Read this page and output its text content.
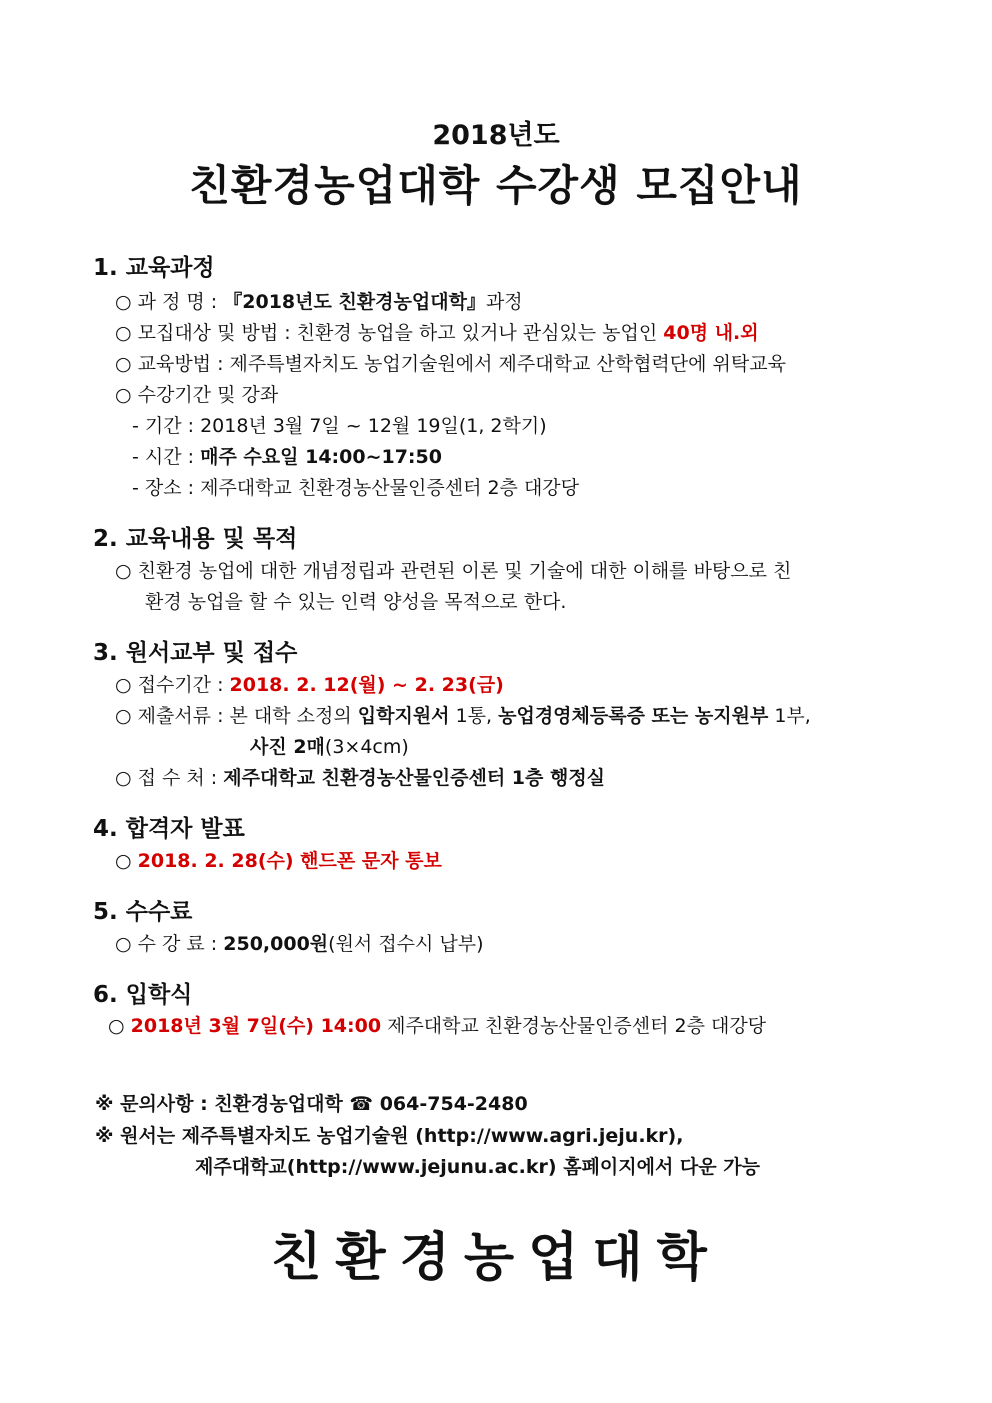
2018년도
친환경농업대학 수강생 모집안내
1. 교육과정
○ 과 정 명 : 『2018년도 친환경농업대학』과정
○ 모집대상 및 방법 : 친환경 농업을 하고 있거나 관심있는 농업인 40명 내.외
○ 교육방법 : 제주특별자치도 농업기술원에서 제주대학교 산학협력단에 위탁교육
○ 수강기간 및 강좌
- 기간 : 2018년 3월 7일 ~ 12월 19일(1, 2학기)
- 시간 : 매주 수요일 14:00~17:50
- 장소 : 제주대학교 친환경농산물인증센터 2층 대강당
2. 교육내용 및 목적
○ 친환경 농업에 대한 개념정립과 관련된 이론 및 기술에 대한 이해를 바탕으로 친
환경 농업을 할 수 있는 인력 양성을 목적으로 한다.
3. 원서교부 및 접수
○ 접수기간 : 2018. 2. 12(월) ~ 2. 23(금)
○ 제출서류 : 본 대학 소정의 입학지원서 1통, 농업경영체등록증 또는 농지원부 1부,
사진 2매(3×4cm)
○ 접 수 처 : 제주대학교 친환경농산물인증센터 1층 행정실
4. 합격자 발표
○ 2018. 2. 28(수) 핸드폰 문자 통보
5. 수수료
○ 수 강 료 : 250,000원(원서 접수시 납부)
6. 입학식
○ 2018년 3월 7일(수) 14:00 제주대학교 친환경농산물인증센터 2층 대강당
※ 문의사항 : 친환경농업대학 ☎ 064-754-2480
※ 원서는 제주특별자치도 농업기술원 (http://www.agri.jeju.kr),
제주대학교(http://www.jejunu.ac.kr) 홈페이지에서 다운 가능
친환경농업대학
